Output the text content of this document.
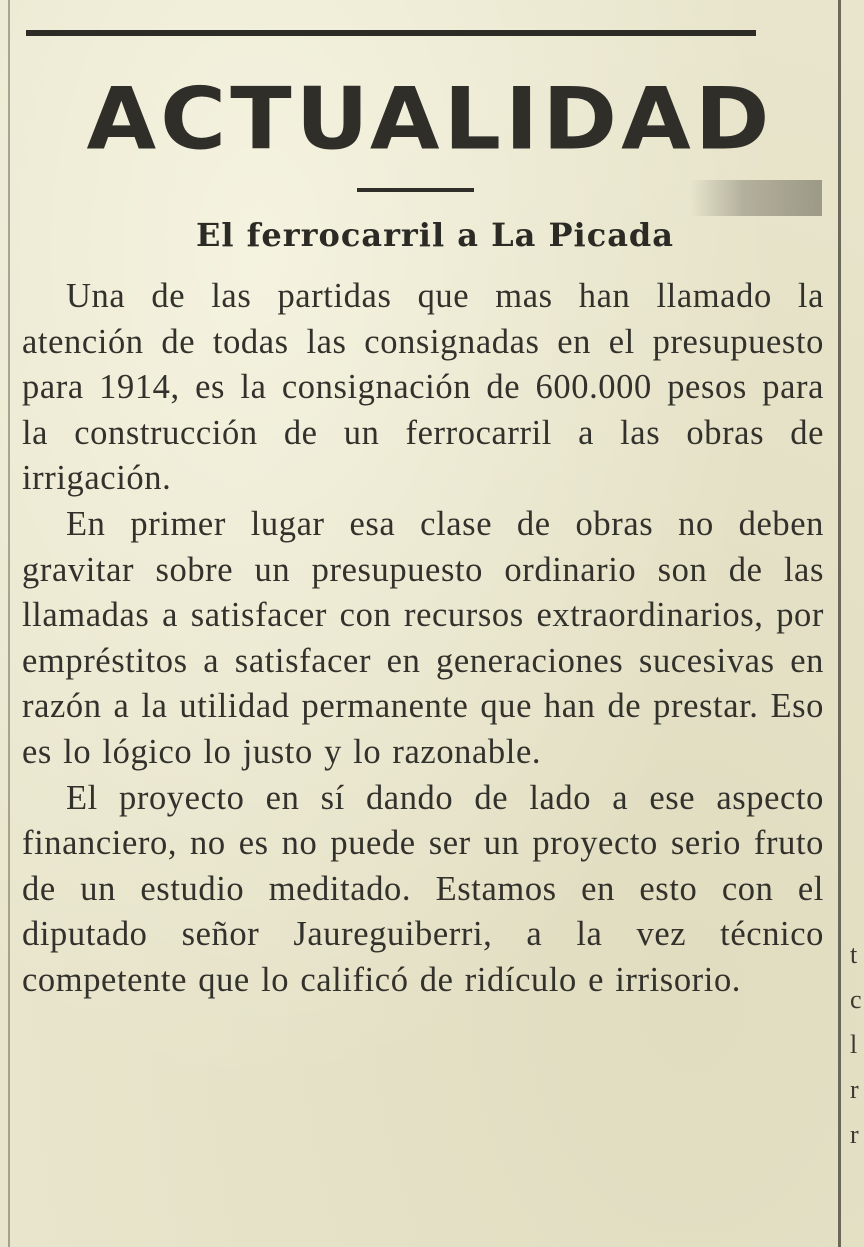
ACTUALIDAD
El ferrocarril a La Picada

Una de las partidas que mas han llamado la atención de todas las consignadas en el presupuesto para 1914, es la consignación de 600.000 pesos para la construcción de un ferrocarril a las obras de irrigación.

En primer lugar esa clase de obras no deben gravitar sobre un presupuesto ordinario son de las llamadas a satisfacer con recursos extraordinarios, por empréstitos a satisfacer en generaciones sucesivas en razón a la utilidad permanente que han de prestar. Eso es lo lógico lo justo y lo razonable.

El proyecto en sí dando de lado a ese aspecto financiero, no es no puede ser un proyecto serio fruto de un estudio meditado. Estamos en esto con el diputado señor Jaureguiberri, a la vez técnico competente que lo calificó de ridículo e irrisorio.

t
c
l
r
r
